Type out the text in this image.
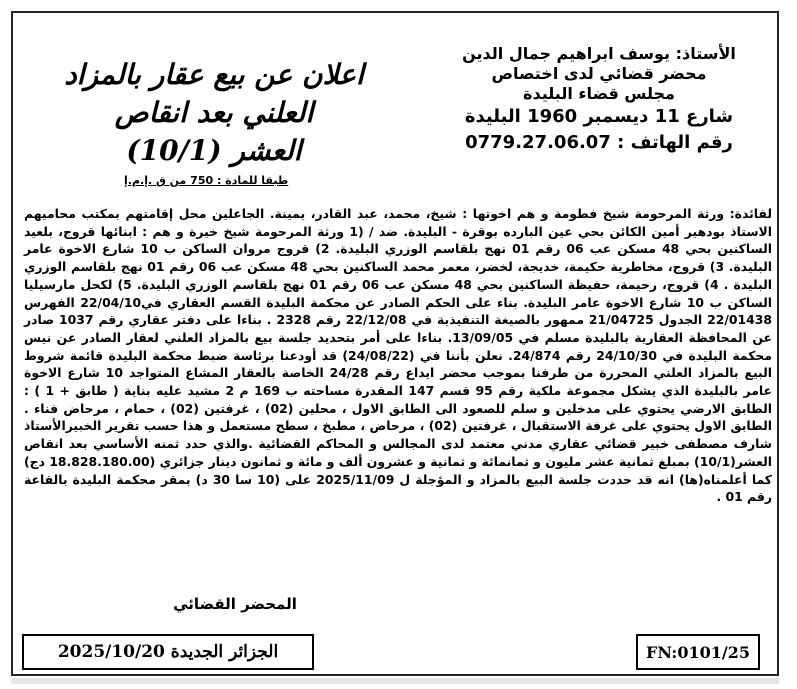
اعلان عن بيع عقار بالمزاد
العلني بعد انقاص
العشر (10/1)
طبقا للمادة : 750 من ق .إ.م.إ
الأستاذ: يوسف ابراهيم جمال الدين
محضر قضائي لدى اختصاص
مجلس قضاء البليدة
شارع 11 ديسمبر 1960 البليدة
رقم الهاتف : 0779.27.06.07
لفائدة: ورثة المرحومة شيخ فطومة و هم اخوتها : شيخ، محمد، عبد القادر، يمينة. الجاعلين محل إقامتهم بمكتب محاميهم الاستاذ بودهير أمين الكائن بحي عين البارده بوقرة - البليدة. ضد / (1 ورثة المرحومة شيخ خيرة و هم : ابنائها قروج، بلعيد الساكنين بحي 48 مسكن عب 06 رقم 01 نهج بلقاسم الوزري البليدة. 2) قروج مروان الساكن ب 10 شارع الاخوة عامر البليدة. 3) قروج، مخاطرية حكيمة، خديجة، لخضر، معمر محمد الساكنين بحي 48 مسكن عب 06 رقم 01 نهج بلقاسم الوزري البليدة . 4) قروج، رحيمة، حفيظة الساكنين بحي 48 مسكن عب 06 رقم 01 نهج بلقاسم الوزري البليدة. 5) لكحل مارسيليا الساكن ب 10 شارع الاخوة عامر البليدة. بناء على الحكم الصادر عن محكمة البليدة القسم العقاري في22/04/10 الفهرس 22/01438 الجدول 21/04725 ممهور بالصيغة التنفيذية في 22/12/08 رقم 2328 . بناءا على دفتر عقاري رقم 1037 صادر عن المحافظة العقارية بالبليدة مسلم في 13/09/05. بناءا على أمر بتحديد جلسة بيع بالمزاد العلني لعقار الصادر عن نيس محكمة البليدة في 24/10/30 رقم 24/874. نعلن بأننا في (24/08/22) قد أودعنا برئاسة ضبط محكمة البليدة قائمة شروط البيع بالمزاد العلني المحررة من طرفنا بموجب محضر ايداع رقم 24/28 الخاصة بالعقار المشاع المتواجد 10 شارع الاخوة عامر بالبليدة الذي يشكل مجموعة ملكية رقم 95 قسم 147 المقدرة مساحته ب 169 م 2 مشيد عليه بناية ( طابق + 1 ) : الطابق الارضي يحتوي على مدخلين و سلم للصعود الى الطابق الاول ، محلين (02) ، غرفتين (02) ، حمام ، مرحاض فناء . الطابق الاول يحتوي على غرفة الاستقبال ، غرفتين (02) ، مرحاض ، مطبخ ، سطح مستعمل و هذا حسب تقرير الخبيرالأستاذ شارف مصطفى خبير قضائي عقاري مدني معتمد لدى المجالس و المحاكم القضائية .والذي حدد ثمنه الأساسي بعد انقاص العشر(10/1) بمبلغ ثمانية عشر مليون و ثمانمائة و ثمانية و عشرون ألف و مائة و ثمانون دينار جزائري (18.828.180.00 دج) كما أعلمناه(ها) انه قد حددت جلسة البيع بالمزاد و المؤجلة ل 2025/11/09 على (10 سا 30 د) بمقر محكمة البليدة بالقاعة رقم 01 .
المحضر القضائي
الجزائر الجديدة 2025/10/20	FN:0101/25
